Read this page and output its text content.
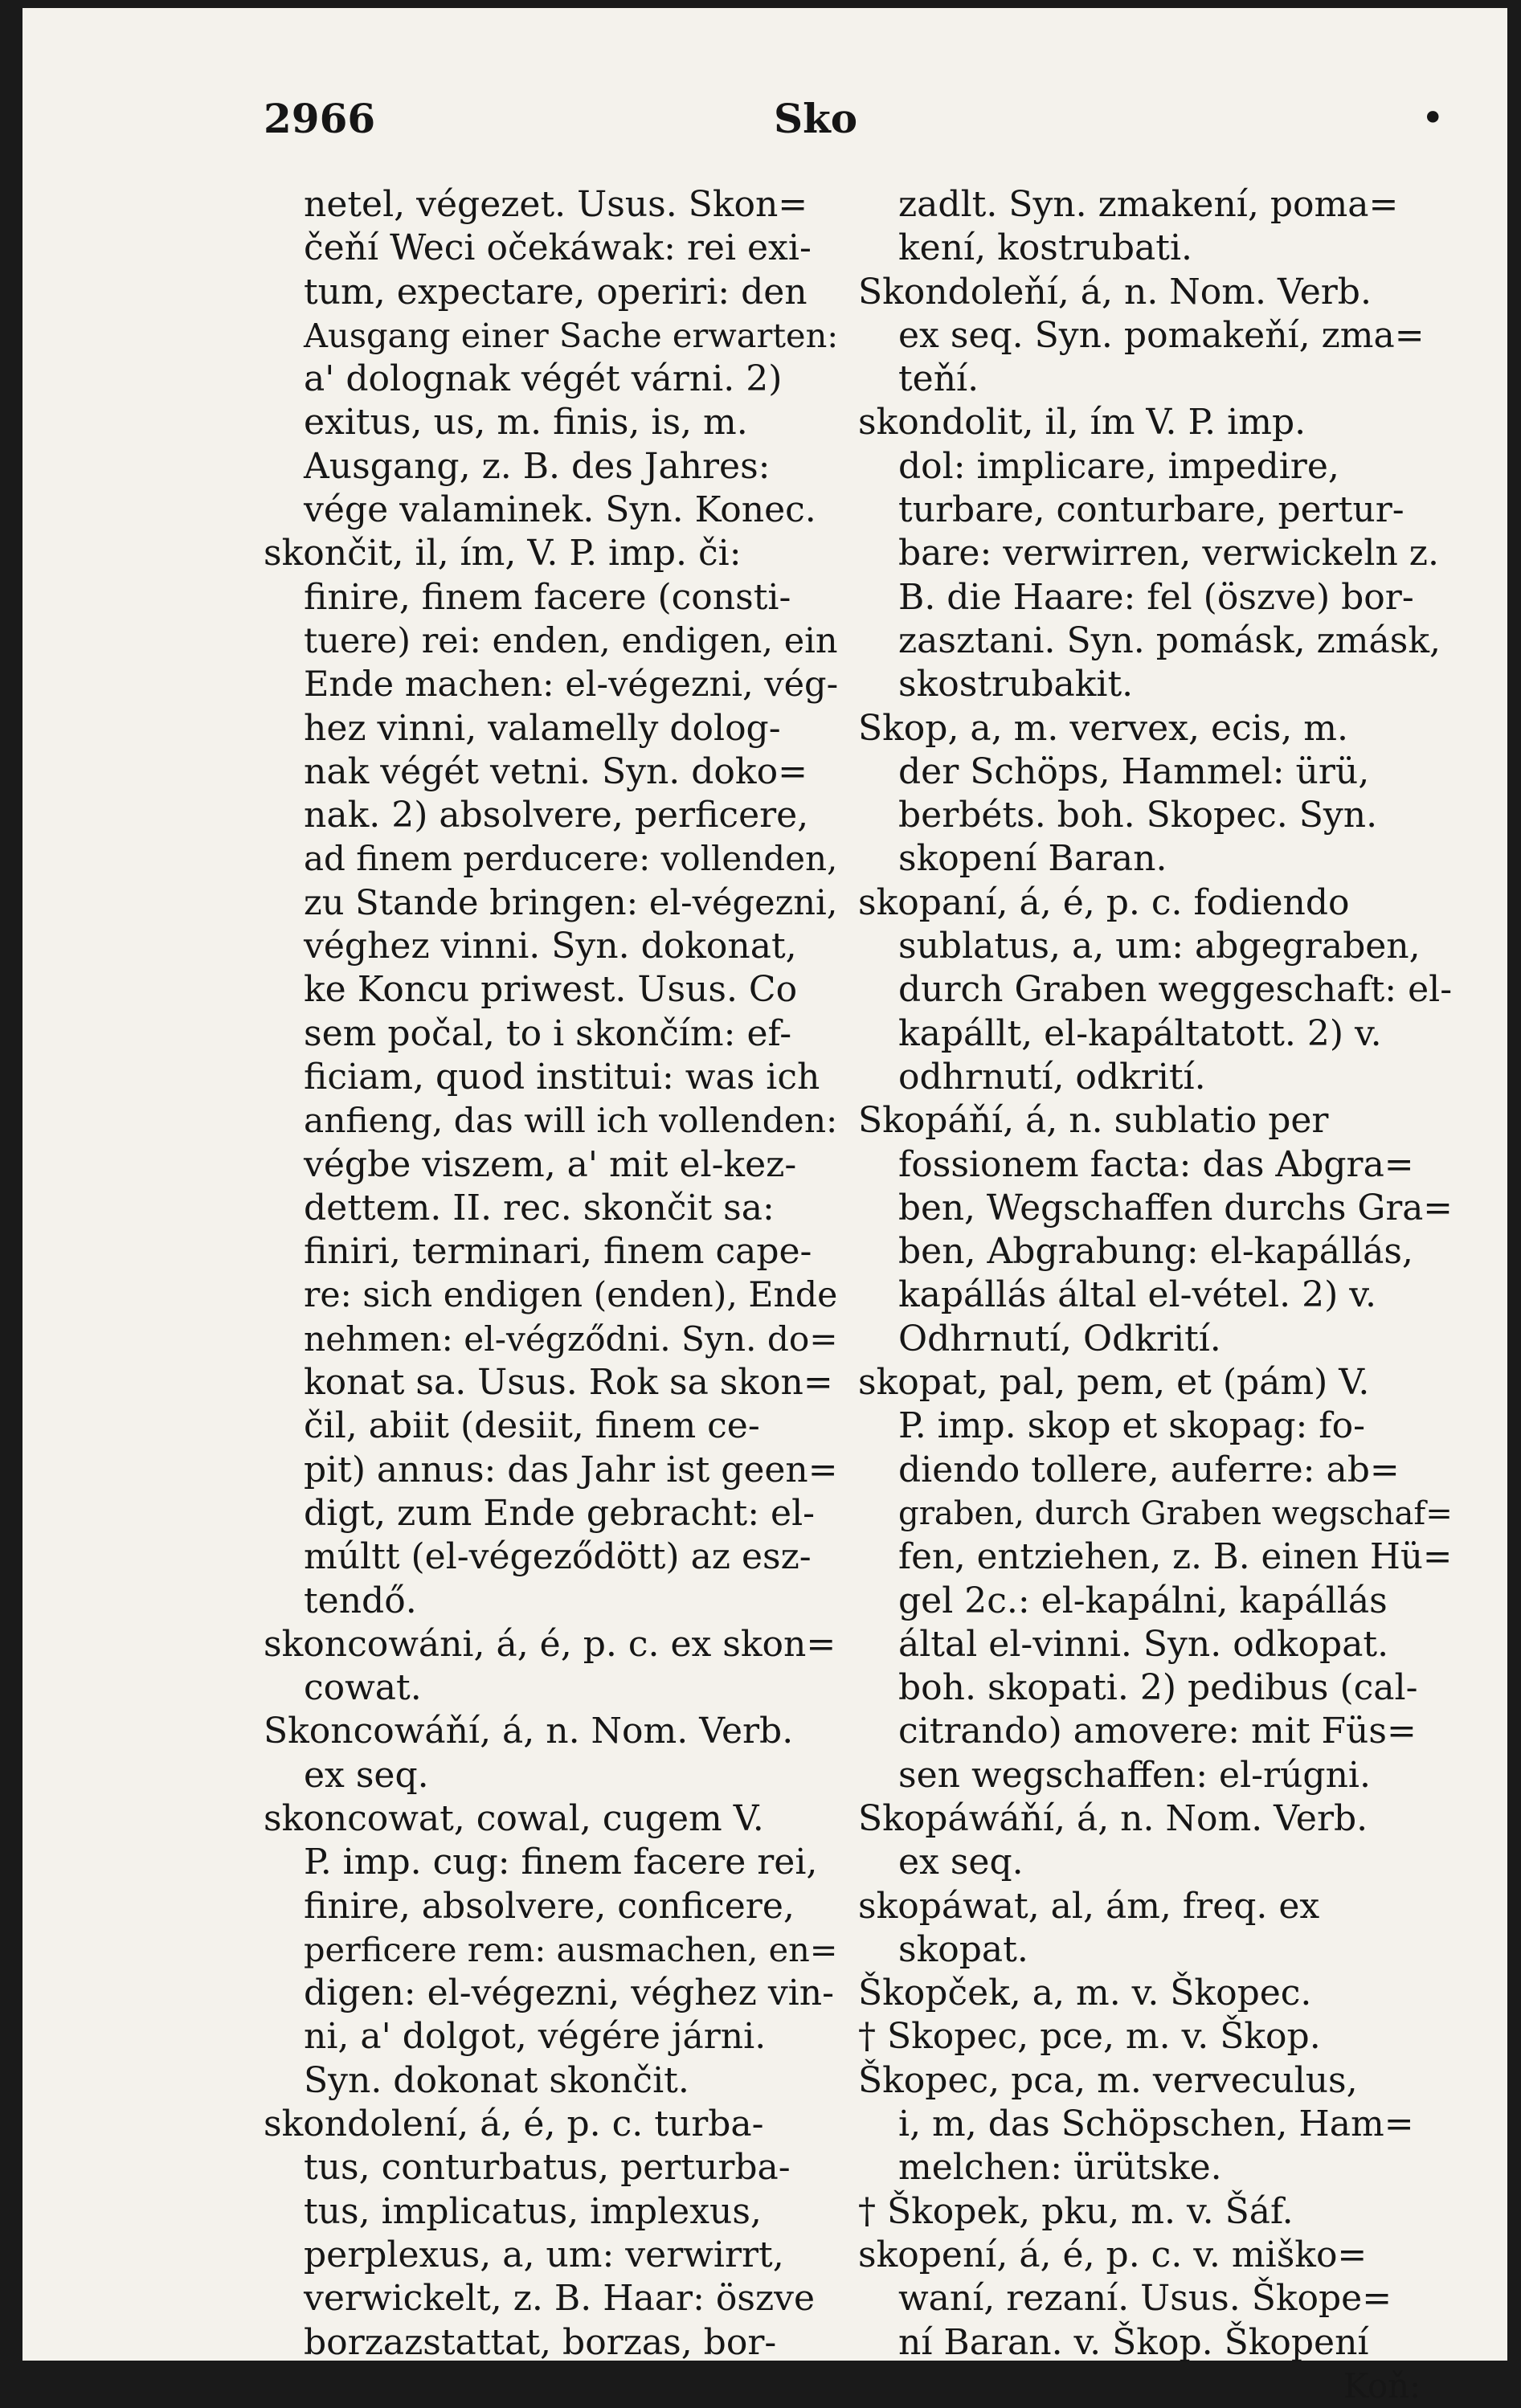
2966	Sko	•
netel, végezet. Usus. Skon=
čeňí Weci očekáwak: rei exi-
tum, expectare, operiri: den
Ausgang einer Sache erwarten:
a' dolognak végét várni. 2)
exitus, us, m. finis, is, m.
Ausgang, z. B. des Jahres:
vége valaminek. Syn. Konec.
skončit, il, ím, V. P. imp. či:
finire, finem facere (consti-
tuere) rei: enden, endigen, ein
Ende machen: el-végezni, vég-
hez vinni, valamelly dolog-
nak végét vetni. Syn. doko=
nak. 2) absolvere, perficere,
ad finem perducere: vollenden,
zu Stande bringen: el-végezni,
véghez vinni. Syn. dokonat,
ke Koncu priwest. Usus. Co
sem počal, to i skončím: ef-
ficiam, quod institui: was ich
anfieng, das will ich vollenden:
végbe viszem, a' mit el-kez-
dettem. II. rec. skončit sa:
finiri, terminari, finem cape-
re: sich endigen (enden), Ende
nehmen: el-végződni. Syn. do=
konat sa. Usus. Rok sa skon=
čil, abiit (desiit, finem ce-
pit) annus: das Jahr ist geen=
digt, zum Ende gebracht: el-
múltt (el-végeződött) az esz-
tendő.
skoncowáni, á, é, p. c. ex skon=
cowat.
Skoncowáňí, á, n. Nom. Verb.
ex seq.
skoncowat, cowal, cugem V.
P. imp. cug: finem facere rei,
finire, absolvere, conficere,
perficere rem: ausmachen, en=
digen: el-végezni, véghez vin-
ni, a' dolgot, végére járni.
Syn. dokonat skončit.
skondolení, á, é, p. c. turba-
tus, conturbatus, perturba-
tus, implicatus, implexus,
perplexus, a, um: verwirrt,
verwickelt, z. B. Haar: öszve
borzazstattat, borzas, bor-
zadlt. Syn. zmakení, poma=
kení, kostrubati.
Skondoleňí, á, n. Nom. Verb.
ex seq. Syn. pomakeňí, zma=
teňí.
skondolit, il, ím V. P. imp.
dol: implicare, impedire,
turbare, conturbare, pertur-
bare: verwirren, verwickeln z.
B. die Haare: fel (öszve) bor-
zasztani. Syn. pomásk, zmásk,
skostrubakit.
Skop, a, m. vervex, ecis, m.
der Schöps, Hammel: ürü,
berbéts. boh. Skopec. Syn.
skopení Baran.
skopaní, á, é, p. c. fodiendo
sublatus, a, um: abgegraben,
durch Graben weggeschaft: el-
kapállt, el-kapáltatott. 2) v.
odhrnutí, odkrití.
Skopáňí, á, n. sublatio per
fossionem facta: das Abgra=
ben, Wegschaffen durchs Gra=
ben, Abgrabung: el-kapállás,
kapállás által el-vétel. 2) v.
Odhrnutí, Odkrití.
skopat, pal, pem, et (pám) V.
P. imp. skop et skopag: fo-
diendo tollere, auferre: ab=
graben, durch Graben wegschaf=
fen, entziehen, z. B. einen Hü=
gel 2c.: el-kapálni, kapállás
által el-vinni. Syn. odkopat.
boh. skopati. 2) pedibus (cal-
citrando) amovere: mit Füs=
sen wegschaffen: el-rúgni.
Skopáwáňí, á, n. Nom. Verb.
ex seq.
skopáwat, al, ám, freq. ex
skopat.
Škopček, a, m. v. Škopec.
† Skopec, pce, m. v. Škop.
Škopec, pca, m. verveculus,
i, m, das Schöpschen, Ham=
melchen: ürütske.
† Škopek, pku, m. v. Šáf.
skopení, á, é, p. c. v. miško=
waní, rezaní. Usus. Škope=
ní Baran. v. Škop. Škopení
Koň:
